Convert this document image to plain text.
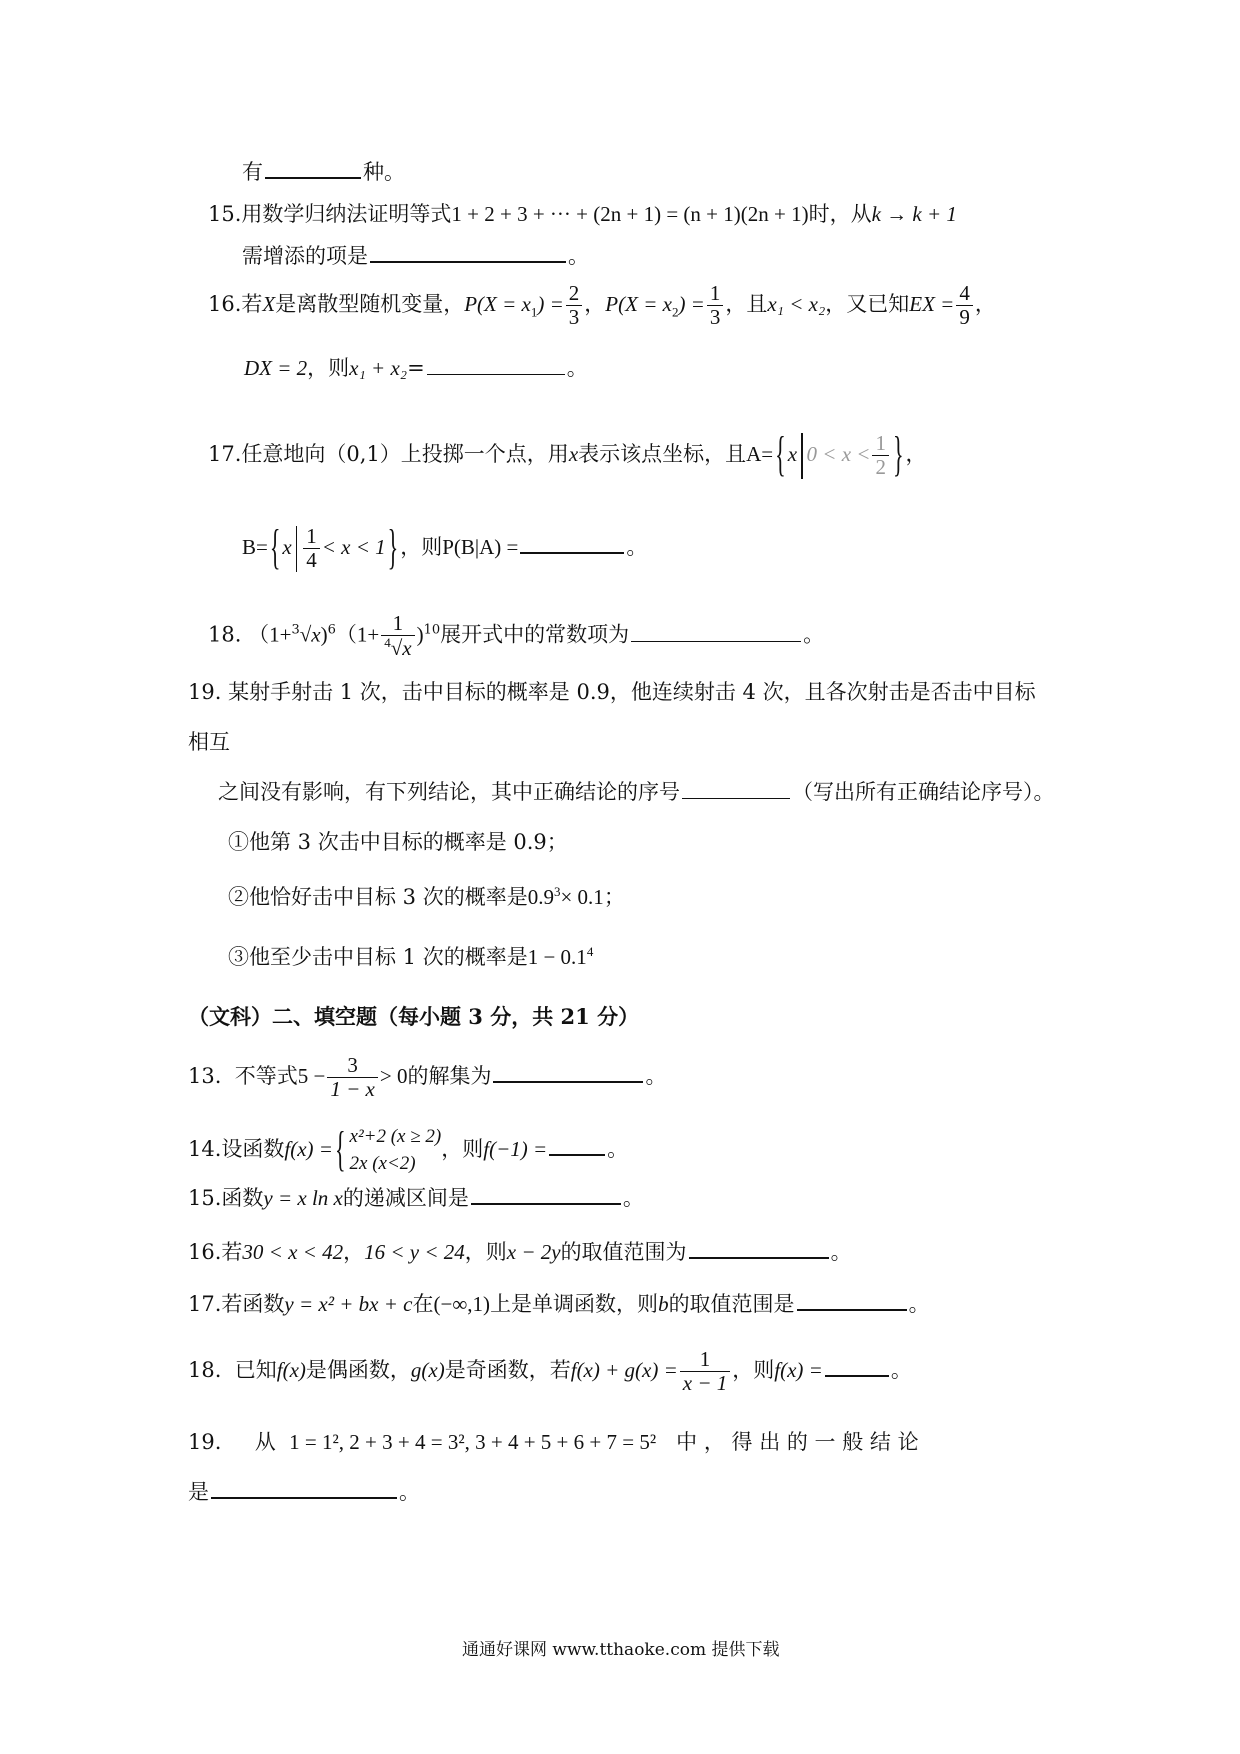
有	种。
15.用数学归纳法证明等式1 + 2 + 3 + ··· + (2n + 1) = (n + 1)(2n + 1)时，从k → k + 1
需增添的项是	。
16.若X是离散型随机变量，$P(X = x_1) = \frac{2}{3}$ ，$P(X = x_2) = \frac{1}{3}$ ，且x₁ < x₂，又已知EX = $\frac{4}{9}$ ，
DX = 2，则x₁ + x₂=	。
17.任意地向（0,1）上投掷一个点，用x表示该点坐标，且A={x $0 < x < \frac{1}{2}$ }，
$B=\{x \frac{1}{4} < x < 1\}$，则P(B|A) =	。
18. $(1+^3√x)^6(1+ \frac{1}{^4√x} )^{10}$展开式中的常数项为	。
19. 某射手射击 1 次，击中目标的概率是 0.9，他连续射击 4 次，且各次射击是否击中目标
相互
之间没有影响，有下列结论，其中正确结论的序号	（写出所有正确结论序号）。
①他第 3 次击中目标的概率是 0.9；
②他恰好击中目标 3 次的概率是$0.9^3\times 0.1$；
③他至少击中目标 1 次的概率是$1 - 0.1^4$
（文科）二、填空题（每小题 3 分，共 21 分）
13. 不等式$5 - \frac{3}{1 - x} > 0$的解集为	。
14.设函数f(x) ={ x²+2 (x ≥ 2)
2x (x<2)
，则f(−1) =	。
15.函数y = x ln x的递减区间是	。
16.若30 < x < 42，16 < y < 24，则x − 2y的取值范围为	。
17.若函数y = x² + bx + c在(−∞,1)上是单调函数，则b的取值范围是	。
18. 已知f(x)是偶函数，g(x)是奇函数，若$f(x) + g(x) = \frac{1}{x - 1}$ ，则f(x) =	。
19. 从 1 = 1², 2 + 3 + 4 = 3², 3 + 4 + 5 + 6 + 7 = 5² 中 ， 得 出 的 一 般 结 论
是	。
通通好课网 www.tthaoke.com 提供下载
